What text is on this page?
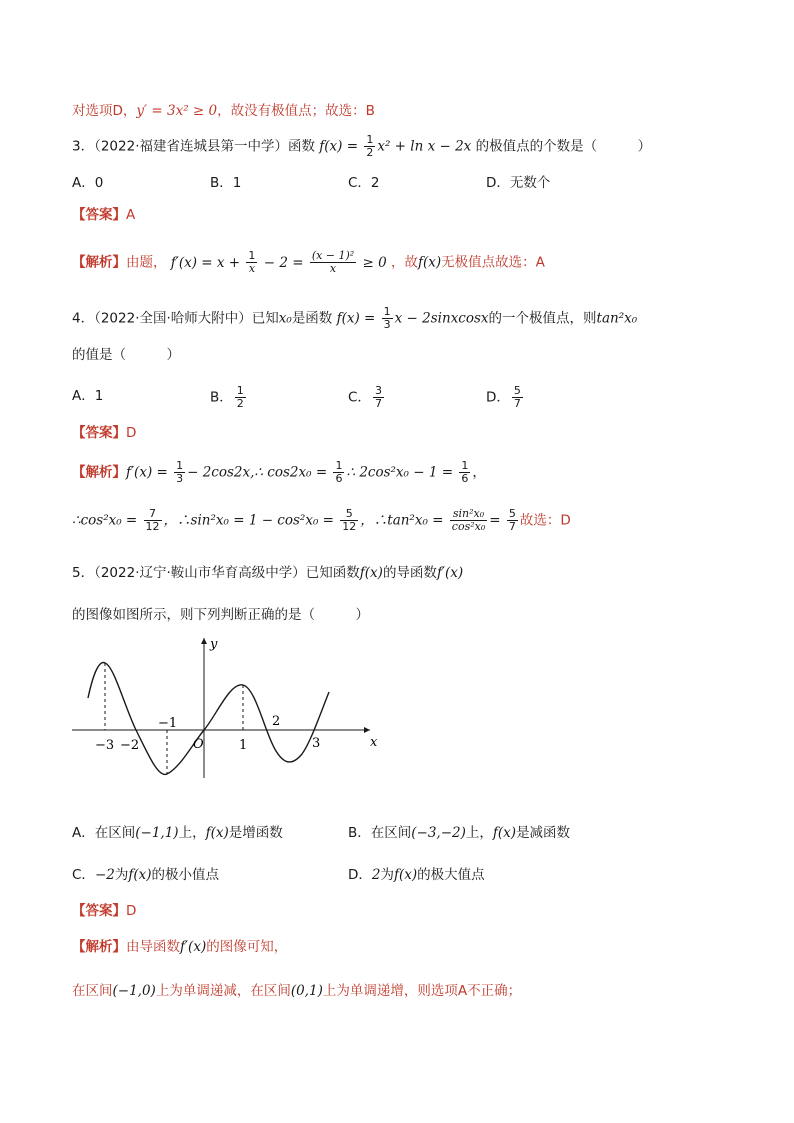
对选项D，y′ = 3x² ≥ 0，故没有极值点；故选：B
3．（2022·福建省连城县第一中学）函数 $f(x) = \frac{1}{2} x^2 + \ln x - 2x$ 的极值点的个数是（　　　）
A．0	B．1	C．2	D．无数个
【答案】A
【解析】由题， $f'(x) = x + \frac{1}{x} - 2 = \frac{\text{(x − 1)²}}{x} \ge 0$ ，故f(x)无极值点故选：A
4．（2022·全国·哈师大附中）已知x₀是函数 $f(x) = \frac{1}{3}$ x − 2sinxcosx的一个极值点，则tan²x₀
的值是（　　　）
A．1	B． $\frac{1}{2}$	C． $\frac{3}{7}$	D． $\frac{5}{7}$
【答案】D
【解析】$f'(x) = \frac{1}{3}$ − 2cos2x,∴ $\cos 2x_0 = \frac{1}{6}$ ∴ $2\cos^2x_0 - 1 = \frac{1}{6}$ ，
∴cos²x₀ = $\frac{7}{12}$ ，∴sin²x₀ = $1 - \cos^2x_0 = \frac{5}{12}$ ，∴tan²x₀ = $\frac{\text{sin²x₀}}{\text{cos²x₀}} = \frac{5}{7}$ 故选：D
5．（2022·辽宁·鞍山市华育高级中学）已知函数f(x)的导函数f′(x)
的图像如图所示，则下列判断正确的是（　　　）
y
x
O
−3 −2
−1
1
2
3
A．在区间(−1,1)上，f(x)是增函数	B．在区间(−3,−2)上，f(x)是减函数
C．−2为f(x)的极小值点	D．2为f(x)的极大值点
【答案】D
【解析】由导函数f′(x)的图像可知，
在区间(−1,0)上为单调递减，在区间(0,1)上为单调递增，则选项A不正确；
